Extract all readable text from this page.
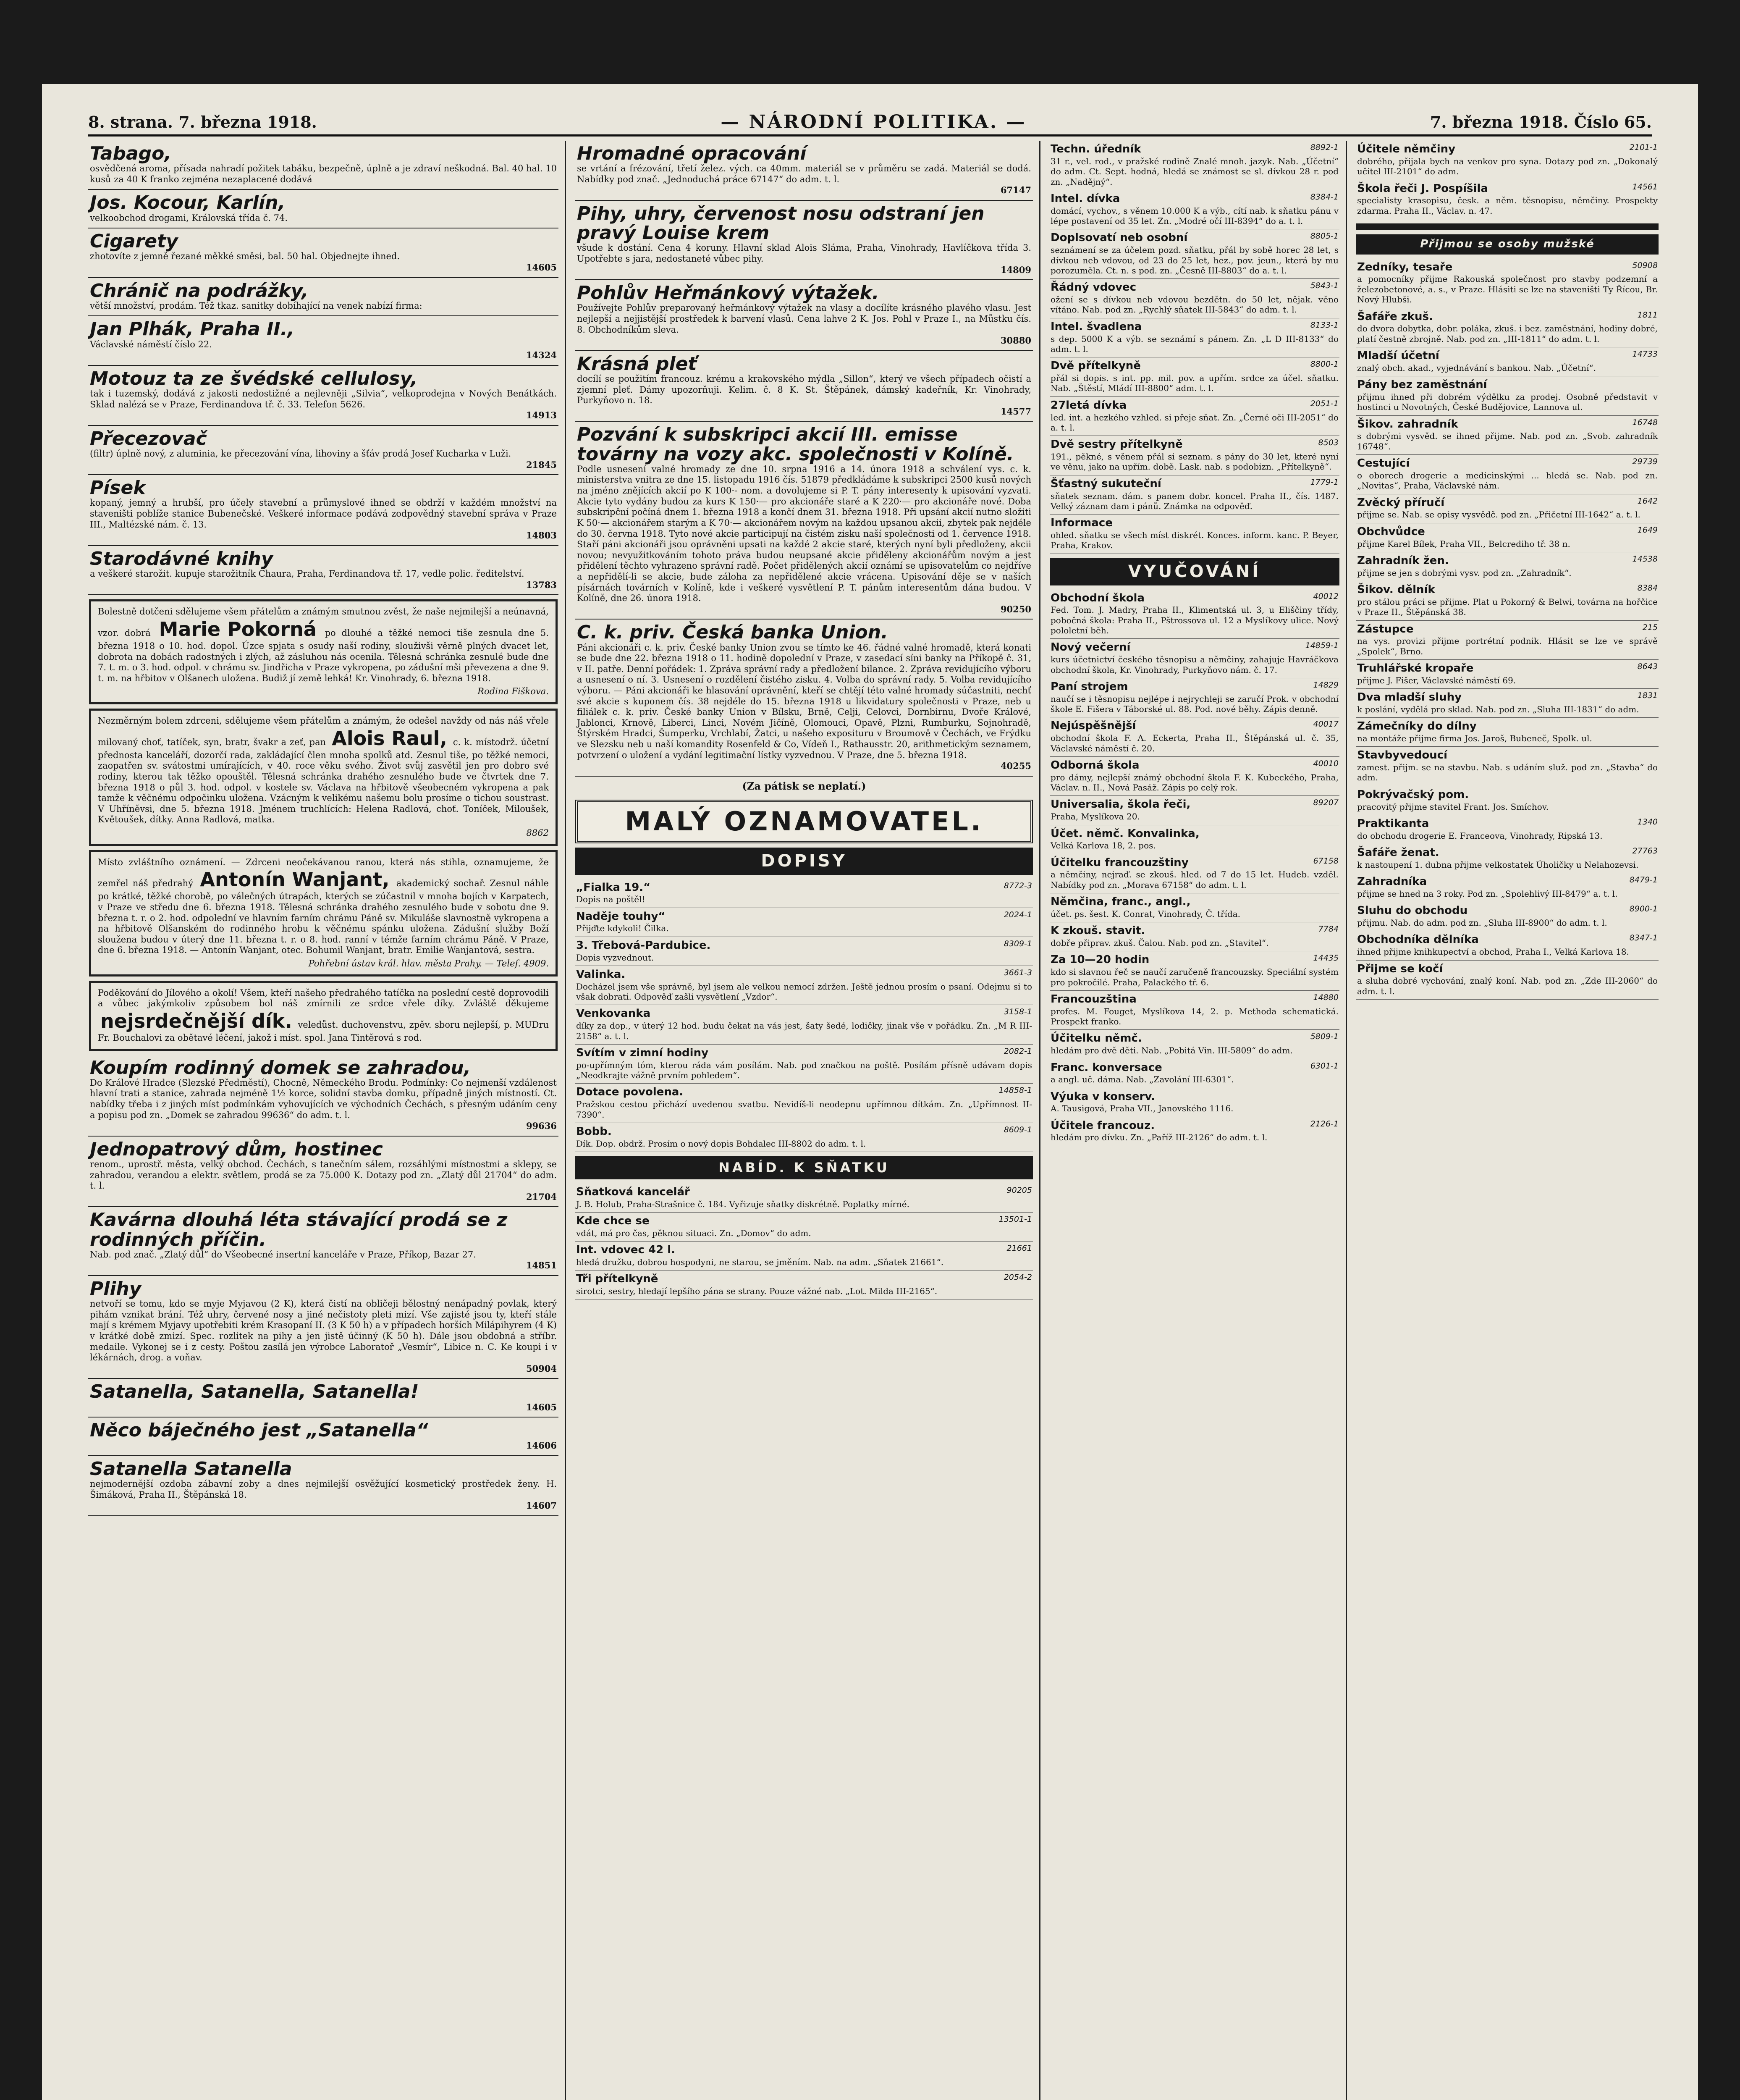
8. strana. 7. března 1918.	— NÁRODNÍ POLITIKA. —	7. března 1918. Číslo 65.
Tabago,
osvědčená aroma, přísada nahradí požitek tabáku, bezpečně, úplně a je zdraví neškodná. Bal. 40 hal. 10 kusů za 40 K franko zejména nezaplacené dodává
Jos. Kocour, Karlín,
velkoobchod drogami, Královská třída č. 74.
Cigarety
zhotovíte z jemně řezané měkké směsi, bal. 50 hal. Objednejte ihned.
14605
Chránič na podrážky,
větší množství, prodám. Též tkaz. sanitky dobíhající na venek nabízí firma:
Jan Plhák, Praha II.,
Václavské náměstí číslo 22.
14324
Motouz ta ze švédské cellulosy,
tak i tuzemský, dodává z jakosti nedostižné a nejlevněji „Silvia“, velkoprodejna v Nových Benátkách. Sklad nalézá se v Praze, Ferdinandova tř. č. 33. Telefon 5626.
14913
Přecezovač
(filtr) úplně nový, z aluminia, ke přecezování vína, lihoviny a šťáv prodá Josef Kucharka v Luži.
21845
Písek
kopaný, jemný a hrubší, pro účely stavební a průmyslové ihned se obdrží v každém množství na staveništi poblíže stanice Bubenečské. Veškeré informace podává zodpovědný stavební správa v Praze III., Maltézské nám. č. 13.
14803
Starodávné knihy
a veškeré starožit. kupuje starožitník Chaura, Praha, Ferdinandova tř. 17, vedle polic. ředitelství.
13783
Bolestně dotčeni sdělujeme všem přátelům a známým smutnou zvěst, že naše nejmilejší a neúnavná, vzor. dobrá Marie Pokorná po dlouhé a těžké nemoci tiše zesnula dne 5. března 1918 o 10. hod. dopol. Úzce spjata s osudy naší rodiny, slouživši věrně plných dvacet let, dobrota na dobách radostných i zlých, až zásluhou nás ocenila. Tělesná schránka zesnulé bude dne 7. t. m. o 3. hod. odpol. v chrámu sv. Jindřicha v Praze vykropena, po zádušní mši převezena a dne 9. t. m. na hřbitov v Olšanech uložena. Budiž jí země lehká! Kr. Vinohrady, 6. března 1918.
Rodina Fiškova.
Nezměrným bolem zdrceni, sdělujeme všem přátelům a známým, že odešel navždy od nás náš vřele milovaný choť, tatíček, syn, bratr, švakr a zeť, pan Alois Raul, c. k. místodrž. účetní přednosta kanceláří, dozorčí rada, zakládající člen mnoha spolků atd. Zesnul tiše, po těžké nemoci, zaopatřen sv. svátostmi umírajících, v 40. roce věku svého. Život svůj zasvětil jen pro dobro své rodiny, kterou tak těžko opouštěl. Tělesná schránka drahého zesnulého bude ve čtvrtek dne 7. března 1918 o půl 3. hod. odpol. v kostele sv. Václava na hřbitově všeobecném vykropena a pak tamže k věčnému odpočinku uložena. Vzácným k velikému našemu bolu prosíme o tichou soustrast. V Uhříněvsi, dne 5. března 1918. Jménem truchlících: Helena Radlová, choť. Toníček, Miloušek, Květoušek, dítky. Anna Radlová, matka.
8862
Místo zvláštního oznámení. — Zdrceni neočekávanou ranou, která nás stihla, oznamujeme, že zemřel náš předrahý Antonín Wanjant, akademický sochař. Zesnul náhle po krátké, těžké chorobě, po válečných útrapách, kterých se zúčastnil v mnoha bojích v Karpatech, v Praze ve středu dne 6. března 1918. Tělesná schránka drahého zesnulého bude v sobotu dne 9. března t. r. o 2. hod. odpolední ve hlavním farním chrámu Páně sv. Mikuláše slavnostně vykropena a na hřbitově Olšanském do rodinného hrobu k věčnému spánku uložena. Zádušní služby Boží sloužena budou v úterý dne 11. března t. r. o 8. hod. ranní v témže farním chrámu Páně. V Praze, dne 6. března 1918. — Antonín Wanjant, otec. Bohumil Wanjant, bratr. Emilie Wanjantová, sestra.
Pohřební ústav král. hlav. města Prahy. — Telef. 4909.
Poděkování do Jílového a okolí! Všem, kteří našeho předrahého tatíčka na poslední cestě doprovodili a vůbec jakýmkoliv způsobem bol náš zmírnili ze srdce vřele díky. Zvláště děkujeme nejsrdečnější dík. veledůst. duchovenstvu, zpěv. sboru nejlepší, p. MUDru Fr. Bouchalovi za obětavé léčení, jakož i míst. spol. Jana Tintěrová s rod.
Koupím rodinný domek se zahradou,
Do Králové Hradce (Slezské Předměstí), Chocně, Německého Brodu. Podmínky: Co nejmenší vzdálenost hlavní trati a stanice, zahrada nejméně 1½ korce, solidní stavba domku, případně jiných místností. Ct. nabídky třeba i z jiných míst podmínkám vyhovujících ve východních Čechách, s přesným udáním ceny a popisu pod zn. „Domek se zahradou 99636“ do adm. t. l.
99636
Jednopatrový dům, hostinec
renom., uprostř. města, velký obchod. Čechách, s tanečním sálem, rozsáhlými místnostmi a sklepy, se zahradou, verandou a elektr. světlem, prodá se za 75.000 K. Dotazy pod zn. „Zlatý důl 21704“ do adm. t. l.
21704
Kavárna dlouhá léta stávající prodá se z rodinných příčin.
Nab. pod znač. „Zlatý důl“ do Všeobecné insertní kanceláře v Praze, Příkop, Bazar 27.
14851
Plihy
netvoří se tomu, kdo se myje Myjavou (2 K), která čistí na obličeji bělostný nenápadný povlak, který pihám vznikat brání. Též uhry, červené nosy a jiné nečistoty pleti mizí. Vše zajisté jsou ty, kteří stále mají s krémem Myjavy upotřebiti krém Krasopaní II. (3 K 50 h) a v případech horších Milápihyrem (4 K) v krátké době zmizí. Spec. rozlitek na pihy a jen jistě účinný (K 50 h). Dále jsou obdobná a stříbr. medaile. Vykonej se i z cesty. Poštou zasílá jen výrobce Laboratoř „Vesmír“, Libice n. C. Ke koupi i v lékárnách, drog. a voňav.
50904
Satanella, Satanella, Satanella!
14605
Něco báječného jest „Satanella“
14606
Satanella Satanella
nejmodernější ozdoba zábavní zoby a dnes nejmilejší osvěžující kosmetický prostředek ženy. H. Šimáková, Praha II., Štěpánská 18.
14607
Hromadné opracování
se vrtání a frézování, třetí želez. vých. ca 40mm. materiál se v průměru se zadá. Materiál se dodá. Nabídky pod znač. „Jednoduchá práce 67147“ do adm. t. l.
67147
Pihy, uhry, červenost nosu odstraní jen pravý Louise krem
všude k dostání. Cena 4 koruny. Hlavní sklad Alois Sláma, Praha, Vinohrady, Havlíčkova třída 3. Upotřebte s jara, nedostaneté vůbec pihy.
14809
Pohlův Heřmánkový výtažek.
Používejte Pohlův preparovaný heřmánkový výtažek na vlasy a docílíte krásného plavého vlasu. Jest nejlepší a nejjistější prostředek k barvení vlasů. Cena lahve 2 K. Jos. Pohl v Praze I., na Můstku čís. 8. Obchodníkům sleva.
30880
Krásná pleť
docílí se použitím francouz. krému a krakovského mýdla „Sillon“, který ve všech případech očistí a zjemní pleť. Dámy upozorňuji. Kelim. č. 8 K. St. Štěpánek, dámský kadeřník, Kr. Vinohrady, Purkyňovo n. 18.
14577
Pozvání k subskripci akcií III. emisse továrny na vozy akc. společnosti v Kolíně.
Podle usnesení valné hromady ze dne 10. srpna 1916 a 14. února 1918 a schválení vys. c. k. ministerstva vnitra ze dne 15. listopadu 1916 čís. 51879 předkládáme k subskripci 2500 kusů nových na jméno znějících akcií po K 100·- nom. a dovolujeme si P. T. pány interesenty k upisování vyzvati. Akcie tyto vydány budou za kurs K 150·— pro akcionáře staré a K 220·— pro akcionáře nové. Doba subskripční počíná dnem 1. března 1918 a končí dnem 31. března 1918. Při upsání akcií nutno složiti K 50·— akcionářem starým a K 70·— akcionářem novým na každou upsanou akcii, zbytek pak nejdéle do 30. června 1918. Tyto nové akcie participují na čistém zisku naší společnosti od 1. července 1918. Staří páni akcionáři jsou oprávněni upsati na každé 2 akcie staré, kterých nyní byli předloženy, akcii novou; nevyužitkováním tohoto práva budou neupsané akcie přiděleny akcionářům novým a jest přidělení těchto vyhrazeno správní radě. Počet přidělených akcií oznámí se upisovatelům co nejdříve a nepřidělí-li se akcie, bude záloha za nepřidělené akcie vrácena. Upisování děje se v naších písárnách továrních v Kolíně, kde i veškeré vysvětlení P. T. pánům interesentům dána budou. V Kolíně, dne 26. února 1918.
90250
C. k. priv. Česká banka Union.
Páni akcionáři c. k. priv. České banky Union zvou se tímto ke 46. řádné valné hromadě, která konati se bude dne 22. března 1918 o 11. hodině dopolední v Praze, v zasedací síni banky na Příkopě č. 31, v II. patře. Denní pořádek: 1. Zpráva správní rady a předložení bilance. 2. Zpráva revidujícího výboru a usnesení o ní. 3. Usnesení o rozdělení čistého zisku. 4. Volba do správní rady. 5. Volba revidujícího výboru. — Páni akcionáři ke hlasování oprávnění, kteří se chtějí této valné hromady súčastniti, nechť své akcie s kuponem čís. 38 nejdéle do 15. března 1918 u likvidatury společnosti v Praze, neb u filiálek c. k. priv. České banky Union v Bílsku, Brně, Celji, Celovci, Dornbirnu, Dvoře Králové, Jablonci, Krnově, Liberci, Linci, Novém Jičíně, Olomouci, Opavě, Plzni, Rumburku, Sojnohradě, Štýrském Hradci, Šumperku, Vrchlabí, Žatci, u našeho exposituru v Broumově v Čechách, ve Frýdku ve Slezsku neb u naší komandity Rosenfeld & Co, Vídeň I., Rathausstr. 20, arithmetickým seznamem, potvrzení o uložení a vydání legitimační lístky vyzvednou. V Praze, dne 5. března 1918.
40255
(Za pátisk se neplatí.)
MALÝ OZNAMOVATEL.
DOPISY
8772-3
„Fialka 19.“
Dopis na poštěl!
2024-1
Naděje touhy“
Přijďte kdykoli! Čilka.
8309-1
3. Třebová-Pardubice.
Dopis vyzvednout.
3661-3
Valinka.
Docházel jsem vše správně, byl jsem ale velkou nemocí zdržen. Ještě jednou prosím o psaní. Odejmu si to však dobrati. Odpověď zašli vysvětlení „Vzdor“.
3158-1
Venkovanka
díky za dop., v úterý 12 hod. budu čekat na vás jest, šaty šedé, lodičky, jinak vše v pořádku. Zn. „M R III-2158“ a. t. l.
2082-1
Svítím v zimní hodiny
po-upřímným tóm, kterou ráda vám posílám. Nab. pod značkou na poště. Posílám přísně udávam dopis „Neodkrajte vážně prvním pohledem“.
14858-1
Dotace povolena.
Pražskou cestou přichází uvedenou svatbu. Nevidíš-li neodepnu upřímnou dítkám. Zn. „Upřímnost II-7390“.
8609-1
Bobb.
Dík. Dop. obdrž. Prosím o nový dopis Bohdalec III-8802 do adm. t. l.
NABÍD. K SŇATKU
90205
Sňatková kancelář
J. B. Holub, Praha-Strašnice č. 184. Vyřizuje sňatky diskrétně. Poplatky mírné.
13501-1
Kde chce se
vdát, má pro čas, pěknou situaci. Zn. „Domov“ do adm.
21661
Int. vdovec 42 l.
hledá družku, dobrou hospodyni, ne starou, se jměním. Nab. na adm. „Sňatek 21661“.
2054-2
Tři přítelkyně
sirotci, sestry, hledají lepšího pána se strany. Pouze vážné nab. „Lot. Milda III-2165“.
8892-1
Techn. úředník
31 r., vel. rod., v pražské rodině Znalé mnoh. jazyk. Nab. „Účetní“ do adm. Ct. Sept. hodná, hledá se známost se sl. dívkou 28 r. pod zn. „Nadějný“.
8384-1
Intel. dívka
domácí, vychov., s věnem 10.000 K a výb., cítí nab. k sňatku pánu v lépe postavení od 35 let. Zn. „Modré očí III-8394“ do a. t. l.
8805-1
Doplsovatí neb osobní
seznámení se za účelem pozd. sňatku, přál by sobě horec 28 let, s dívkou neb vdovou, od 23 do 25 let, hez., pov. jeun., která by mu porozuměla. Ct. n. s pod. zn. „Česně III-8803“ do a. t. l.
5843-1
Řádný vdovec
ožení se s dívkou neb vdovou bezdětn. do 50 let, nějak. věno vítáno. Nab. pod zn. „Rychlý sňatek III-5843“ do adm. t. l.
8133-1
Intel. švadlena
s dep. 5000 K a výb. se seznámí s pánem. Zn. „L D III-8133“ do adm. t. l.
8800-1
Dvě přítelkyně
přál si dopis. s int. pp. mil. pov. a upřím. srdce za účel. sňatku. Nab. „Štěstí, Mládí III-8800“ adm. t. l.
2051-1
27letá dívka
led. int. a hezkého vzhled. si přeje sňat. Zn. „Černé oči III-2051“ do a. t. l.
8503
Dvě sestry přítelkyně
191., pěkné, s věnem přál si seznam. s pány do 30 let, které nyní ve věnu, jako na upřím. době. Lask. nab. s podobizn. „Přítelkyně“.
1779-1
Šťastný sukuteční
sňatek seznam. dám. s panem dobr. koncel. Praha II., čís. 1487. Velký záznam dam i pánů. Známka na odpověď.
Informace
ohled. sňatku se všech míst diskrét. Konces. inform. kanc. P. Beyer, Praha, Krakov.
VYUČOVÁNÍ
40012
Obchodní škola
Fed. Tom. J. Madry, Praha II., Klimentská ul. 3, u Eliščiny třídy, pobočná škola: Praha II., Pštrossova ul. 12 a Myslíkovy ulice. Nový pololetní běh.
14859-1
Nový večerní
kurs účetnictví českého těsnopisu a němčiny, zahajuje Havráčkova obchodní škola, Kr. Vinohrady, Purkyňovo nám. č. 17.
14829
Paní strojem
naučí se i těsnopisu nejlépe i nejrychleji se zaručí Prok. v obchodní škole E. Fišera v Táborské ul. 88. Pod. nové běhy. Zápis denně.
40017
Nejúspěšnější
obchodní škola F. A. Eckerta, Praha II., Štěpánská ul. č. 35, Václavské náměstí č. 20.
40010
Odborná škola
pro dámy, nejlepší známý obchodní škola F. K. Kubeckého, Praha, Václav. n. II., Nová Pasáž. Zápis po celý rok.
89207
Universalia, škola řeči,
Praha, Myslíkova 20.
Účet. němč. Konvalinka,
Velká Karlova 18, 2. pos.
67158
Účitelku francouzštiny
a němčiny, nejraď. se zkouš. hled. od 7 do 15 let. Hudeb. vzděl. Nabídky pod zn. „Morava 67158“ do adm. t. l.
Němčina, franc., angl.,
účet. ps. šest. K. Conrat, Vinohrady, Č. třída.
7784
K zkouš. stavit.
dobře připrav. zkuš. Čalou. Nab. pod zn. „Stavitel“.
14435
Za 10—20 hodin
kdo si slavnou řeč se naučí zaručeně francouzsky. Speciální systém pro pokročilé. Praha, Palackého tř. 6.
14880
Francouzština
profes. M. Fouget, Myslíkova 14, 2. p. Methoda schematická. Prospekt franko.
5809-1
Účitelku němč.
hledám pro dvě děti. Nab. „Pobitá Vin. III-5809“ do adm.
6301-1
Franc. konversace
a angl. uč. dáma. Nab. „Zavolání III-6301“.
Výuka v konserv.
A. Tausigová, Praha VII., Janovského 1116.
2126-1
Účitele francouz.
hledám pro dívku. Zn. „Paříž III-2126“ do adm. t. l.
2101-1
Účitele němčiny
dobrého, přijala bych na venkov pro syna. Dotazy pod zn. „Dokonalý učitel III-2101“ do adm.
14561
Škola řeči J. Pospíšila
specialisty krasopisu, česk. a něm. těsnopisu, němčiny. Prospekty zdarma. Praha II., Václav. n. 47.
Přijmou se osoby mužské
50908
Zedníky, tesaře
a pomocníky přijme Rakouská společnost pro stavby podzemní a železobetonové, a. s., v Praze. Hlásiti se lze na staveništi Ty Řícou, Br. Nový Hlubši.
1811
Šafáře zkuš.
do dvora dobytka, dobr. poláka, zkuš. i bez. zaměstnání, hodiny dobré, platí čestně zbrojně. Nab. pod zn. „III-1811“ do adm. t. l.
14733
Mladší účetní
znalý obch. akad., vyjednávání s bankou. Nab. „Účetní“.
Pány bez zaměstnání
přijmu ihned při dobrém výdělku za prodej. Osobně představit v hostinci u Novotných, České Budějovice, Lannova ul.
16748
Šikov. zahradník
s dobrými vysvěd. se ihned přijme. Nab. pod zn. „Svob. zahradník 16748“.
29739
Cestující
o oborech drogerie a medicinskými ... hledá se. Nab. pod zn. „Novitas“, Praha, Václavské nám.
1642
Zvěcký příručí
přijme se. Nab. se opisy vysvědč. pod zn. „Přičetní III-1642“ a. t. l.
1649
Obchvůdce
přijme Karel Bílek, Praha VII., Belcrediho tř. 38 n.
14538
Zahradník žen.
přijme se jen s dobrými vysv. pod zn. „Zahradník“.
8384
Šikov. dělník
pro stálou práci se přijme. Plat u Pokorný & Belwi, továrna na hořčice v Praze II., Štěpánská 38.
215
Zástupce
na vys. provizi přijme portrétní podnik. Hlásit se lze ve správě „Spolek“, Brno.
8643
Truhlářské kropaře
přijme J. Fišer, Václavské náměstí 69.
1831
Dva mladší sluhy
k poslání, vydělá pro sklad. Nab. pod zn. „Sluha III-1831“ do adm.
Zámečníky do dílny
na montáže přijme firma Jos. Jaroš, Bubeneč, Spolk. ul.
Stavbyvedoucí
zamest. přijm. se na stavbu. Nab. s udáním služ. pod zn. „Stavba“ do adm.
Pokrývačský pom.
pracovitý přijme stavitel Frant. Jos. Smíchov.
1340
Praktikanta
do obchodu drogerie E. Franceova, Vinohrady, Ripská 13.
27763
Šafáře ženat.
k nastoupení 1. dubna přijme velkostatek Úholičky u Nelahozevsi.
8479-1
Zahradníka
přijme se hned na 3 roky. Pod zn. „Spolehlivý III-8479“ a. t. l.
8900-1
Sluhu do obchodu
přijmu. Nab. do adm. pod zn. „Sluha III-8900“ do adm. t. l.
8347-1
Obchodníka dělníka
ihned přijme knihkupectví a obchod, Praha I., Velká Karlova 18.
Přijme se kočí
a sluha dobré vychování, znalý koní. Nab. pod zn. „Zde III-2060“ do adm. t. l.
